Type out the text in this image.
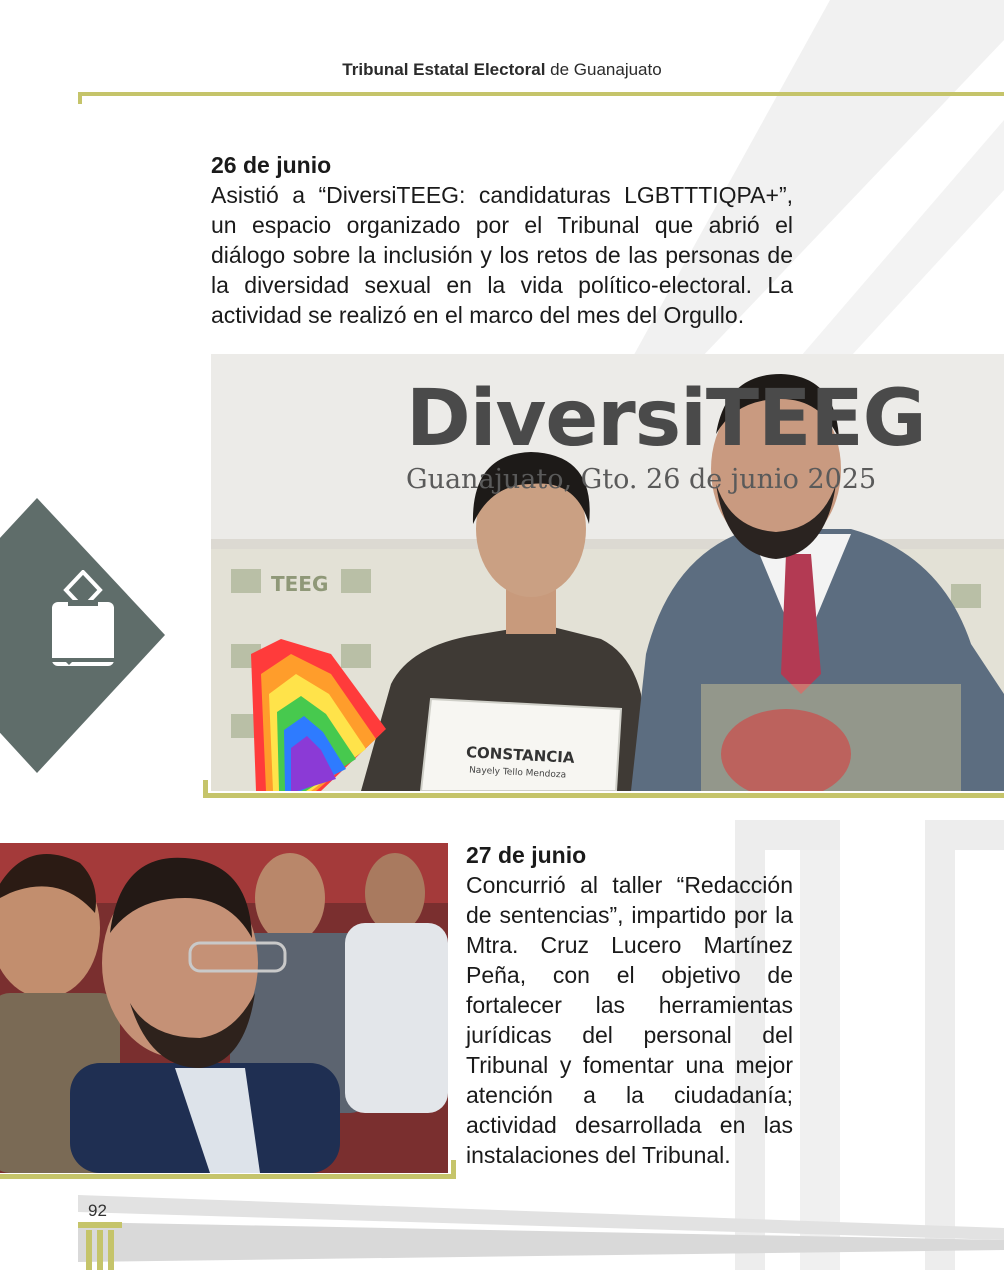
Tribunal Estatal Electoral de Guanajuato

26 de junio

Asistió a “DiversiTEEG: candidaturas LGBTTTIQPA+”, un espacio organizado por el Tribunal que abrió el diálogo sobre la inclusión y los retos de las personas de la diversidad sexual en la vida político-electoral. La actividad se realizó en el marco del mes del Orgullo.

DiversiTEEG
Guanajuato, Gto. 26 de junio 2025
TEEG
CONSTANCIA
Nayely Tello Mendoza

27 de junio

Concurrió al taller “Redacción de sentencias”, impartido por la Mtra. Cruz Lucero Martínez Peña, con el objetivo de fortalecer las herramientas jurídicas del personal del Tribunal y fomentar una mejor atención a la ciudadanía; actividad desarrollada en las instalaciones del Tribunal.

92
